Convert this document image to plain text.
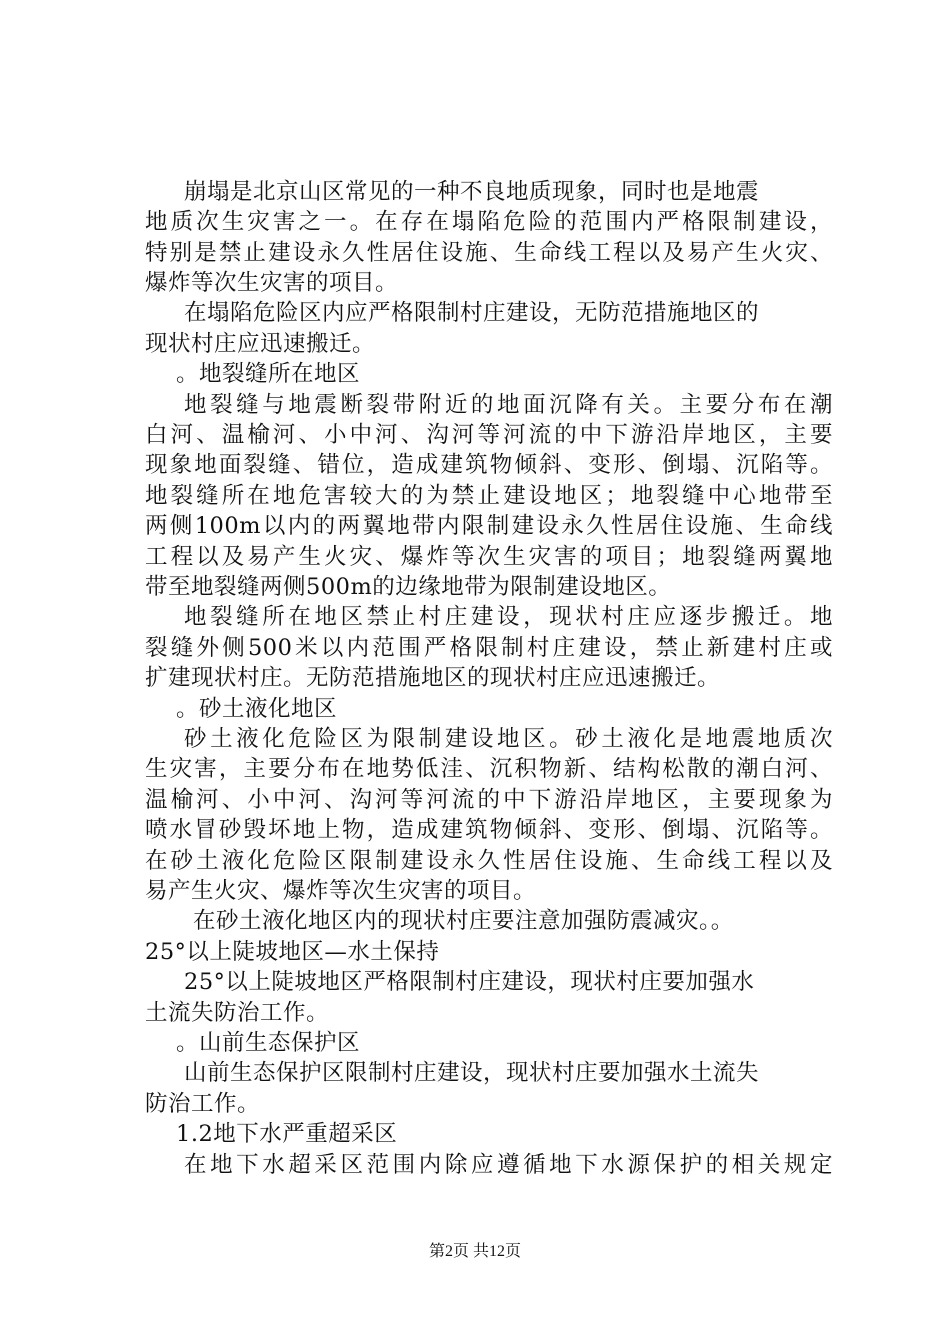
崩塌是北京山区常见的一种不良地质现象，同时也是地震
地质次生灾害之一。在存在塌陷危险的范围内严格限制建设，
特别是禁止建设永久性居住设施、生命线工程以及易产生火灾、
爆炸等次生灾害的项目。
在塌陷危险区内应严格限制村庄建设，无防范措施地区的
现状村庄应迅速搬迁。
。地裂缝所在地区
地裂缝与地震断裂带附近的地面沉降有关。主要分布在潮
白河、温榆河、小中河、沟河等河流的中下游沿岸地区，主要
现象地面裂缝、错位，造成建筑物倾斜、变形、倒塌、沉陷等。
地裂缝所在地危害较大的为禁止建设地区；地裂缝中心地带至
两侧100m以内的两翼地带内限制建设永久性居住设施、生命线
工程以及易产生火灾、爆炸等次生灾害的项目；地裂缝两翼地
带至地裂缝两侧500m的边缘地带为限制建设地区。
地裂缝所在地区禁止村庄建设，现状村庄应逐步搬迁。地
裂缝外侧500米以内范围严格限制村庄建设，禁止新建村庄或
扩建现状村庄。无防范措施地区的现状村庄应迅速搬迁。
。砂土液化地区
砂土液化危险区为限制建设地区。砂土液化是地震地质次
生灾害，主要分布在地势低洼、沉积物新、结构松散的潮白河、
温榆河、小中河、沟河等河流的中下游沿岸地区，主要现象为
喷水冒砂毁坏地上物，造成建筑物倾斜、变形、倒塌、沉陷等。
在砂土液化危险区限制建设永久性居住设施、生命线工程以及
易产生火灾、爆炸等次生灾害的项目。
在砂土液化地区内的现状村庄要注意加强防震减灾。。
25°以上陡坡地区—水土保持
25°以上陡坡地区严格限制村庄建设，现状村庄要加强水
土流失防治工作。
。山前生态保护区
山前生态保护区限制村庄建设，现状村庄要加强水土流失
防治工作。
1.2地下水严重超采区
在地下水超采区范围内除应遵循地下水源保护的相关规定
第2页 共12页
